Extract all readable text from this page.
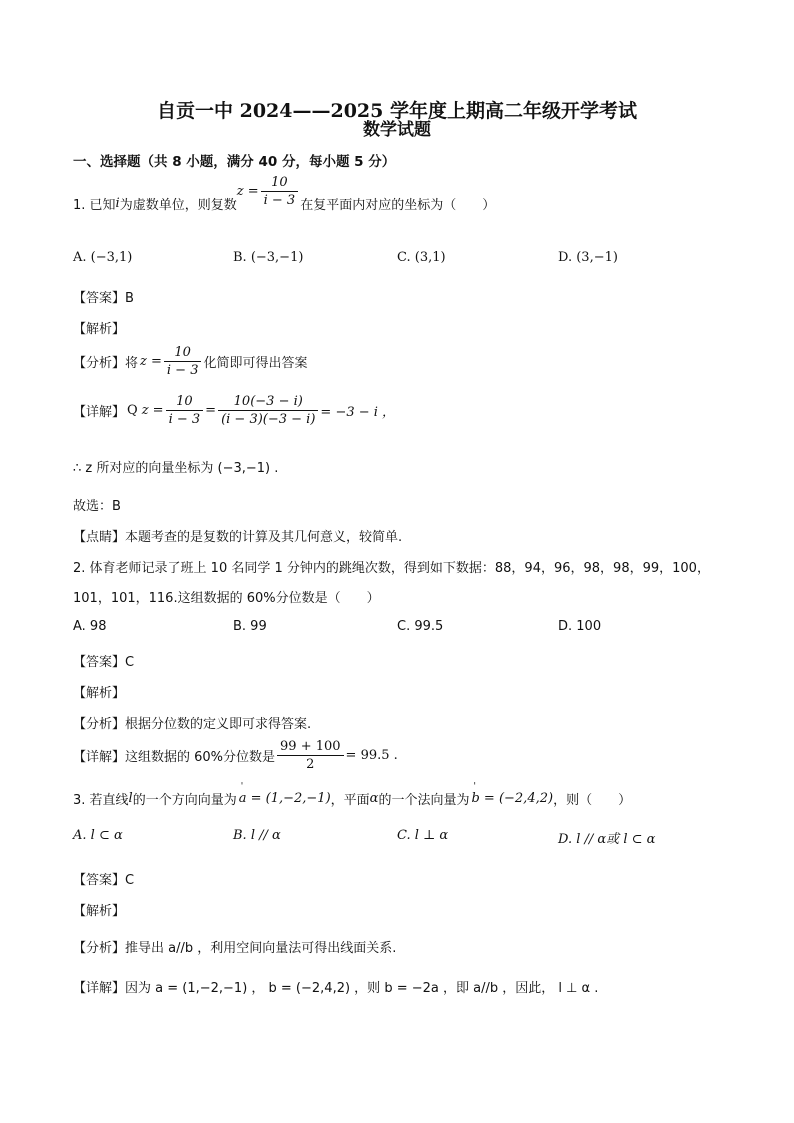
自贡一中 2024——2025 学年度上期高二年级开学考试
数学试题
一、选择题（共 8 小题，满分 40 分，每小题 5 分）
1. 已知 i 为虚数单位，则复数
$z = \frac{10}{i - 3}$ 在复平面内对应的坐标为（　　）
A. (−3,1)	B. (−3,−1)	C. (3,1)	D. (3,−1)
【答案】B
【解析】
【分析】将 $z = \frac{10}{i - 3}$ 化简即可得出答案
【详解】 Q $z = \frac{10}{i - 3} = \frac{10(-3 - i)}{(i - 3)(-3 - i)} = -3 - i$ ，
∴ z 所对应的向量坐标为 (−3,−1) .
故选：B
【点睛】本题考查的是复数的计算及其几何意义，较简单.
2. 体育老师记录了班上 10 名同学 1 分钟内的跳绳次数，得到如下数据：88，94，96，98，98，99，100，
101，101，116.这组数据的 60%分位数是（　　）
A. 98	B. 99	C. 99.5	D. 100
【答案】C
【解析】
【分析】根据分位数的定义即可求得答案.
【详解】这组数据的 60%分位数是 $\frac{99 + 100}{2} = 99.5$ .
3. 若直线 l 的一个方向向量为 ' a = (1,−2,−1) ，平面 α 的一个法向量为 ' b = (−2,4,2) ，则（　　）
A. l ⊂ α	B. l // α	C. l ⊥ α	D. l // α或 l ⊂ α
【答案】C
【解析】
【分析】推导出 a//b ，利用空间向量法可得出线面关系.
【详解】因为 a = (1,−2,−1) ， b = (−2,4,2) ，则 b = −2a ，即 a//b ，因此， l ⊥ α .
